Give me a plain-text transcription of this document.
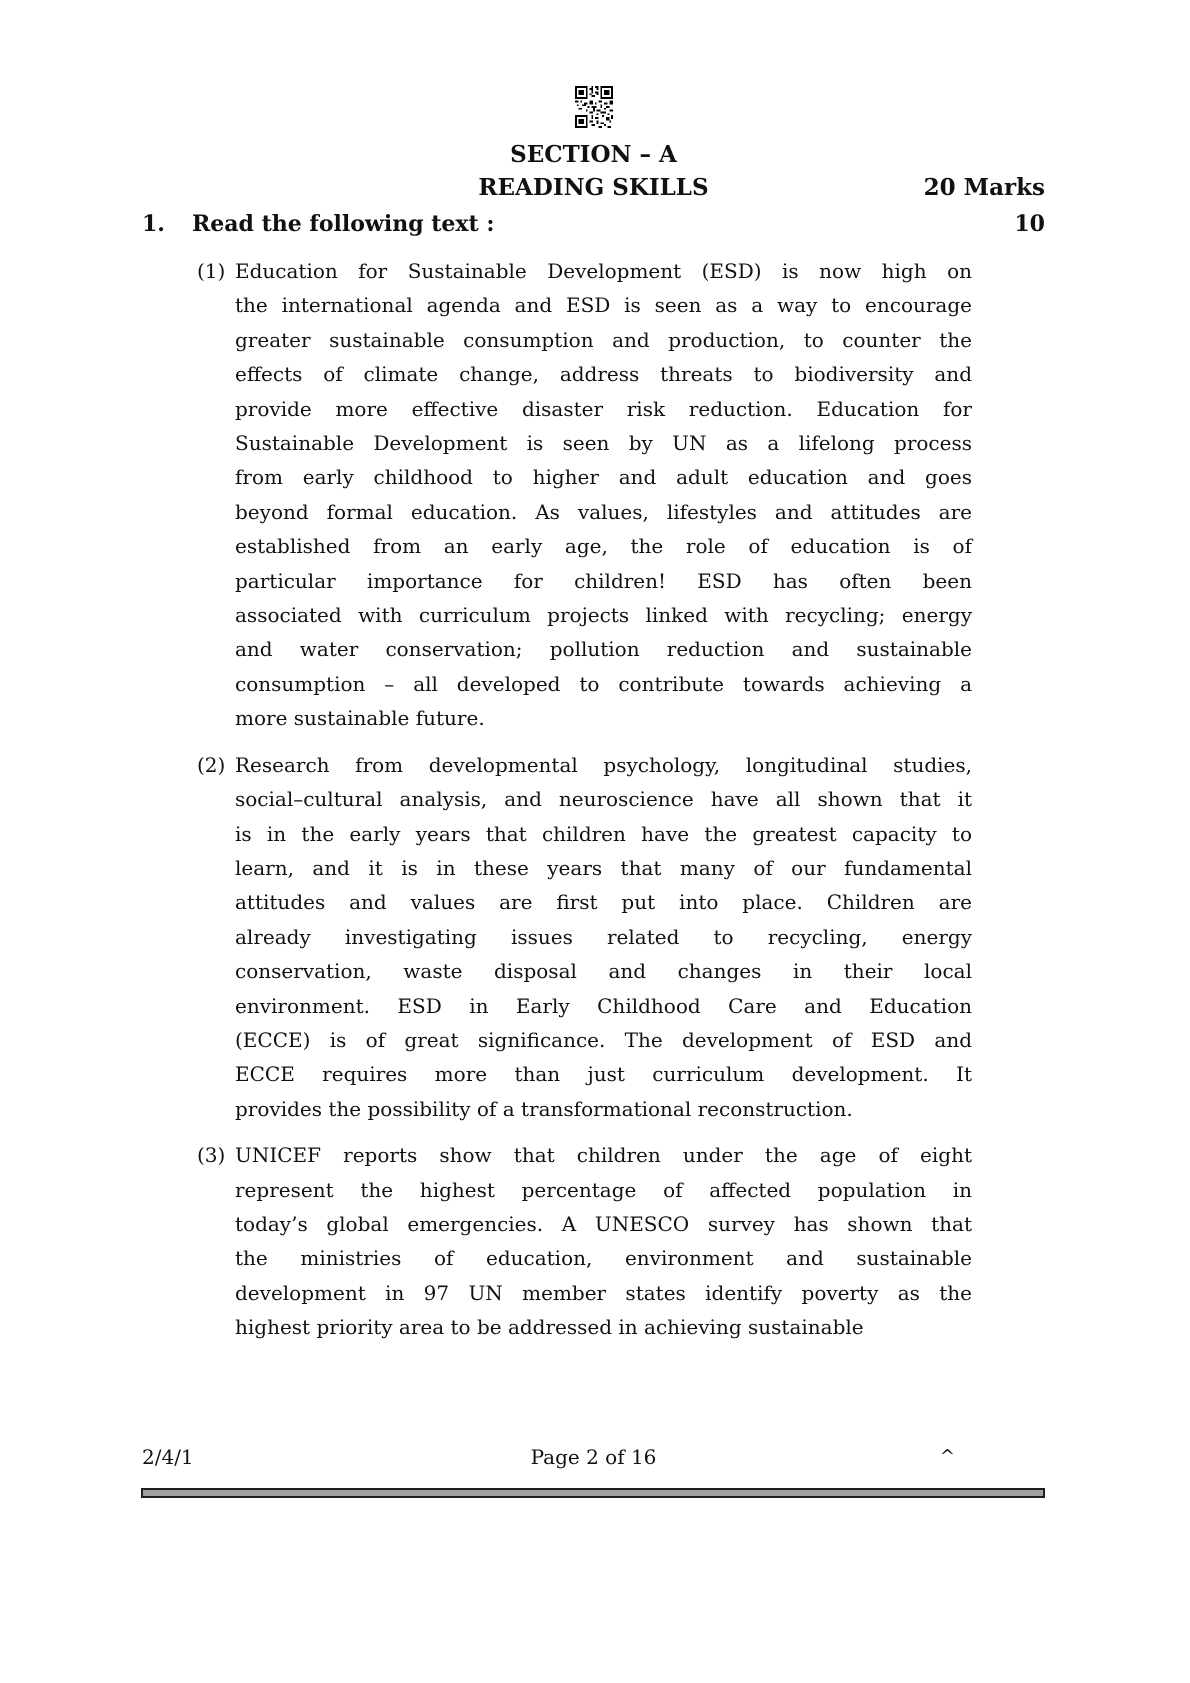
SECTION – A
READING SKILLS	20 Marks
1.	Read the following text :	10
(1) Education for Sustainable Development (ESD) is now high on
the international agenda and ESD is seen as a way to encourage
greater sustainable consumption and production, to counter the
effects of climate change, address threats to biodiversity and
provide more effective disaster risk reduction. Education for
Sustainable Development is seen by UN as a lifelong process
from early childhood to higher and adult education and goes
beyond formal education. As values, lifestyles and attitudes are
established from an early age, the role of education is of
particular importance for children! ESD has often been
associated with curriculum projects linked with recycling; energy
and water conservation; pollution reduction and sustainable
consumption – all developed to contribute towards achieving a
more sustainable future.
(2) Research from developmental psychology, longitudinal studies,
social–cultural analysis, and neuroscience have all shown that it
is in the early years that children have the greatest capacity to
learn, and it is in these years that many of our fundamental
attitudes and values are first put into place. Children are
already investigating issues related to recycling, energy
conservation, waste disposal and changes in their local
environment. ESD in Early Childhood Care and Education
(ECCE) is of great significance. The development of ESD and
ECCE requires more than just curriculum development. It
provides the possibility of a transformational reconstruction.
(3) UNICEF reports show that children under the age of eight
represent the highest percentage of affected population in
today’s global emergencies. A UNESCO survey has shown that
the ministries of education, environment and sustainable
development in 97 UN member states identify poverty as the
highest priority area to be addressed in achieving sustainable
2/4/1	Page 2 of 16	^
